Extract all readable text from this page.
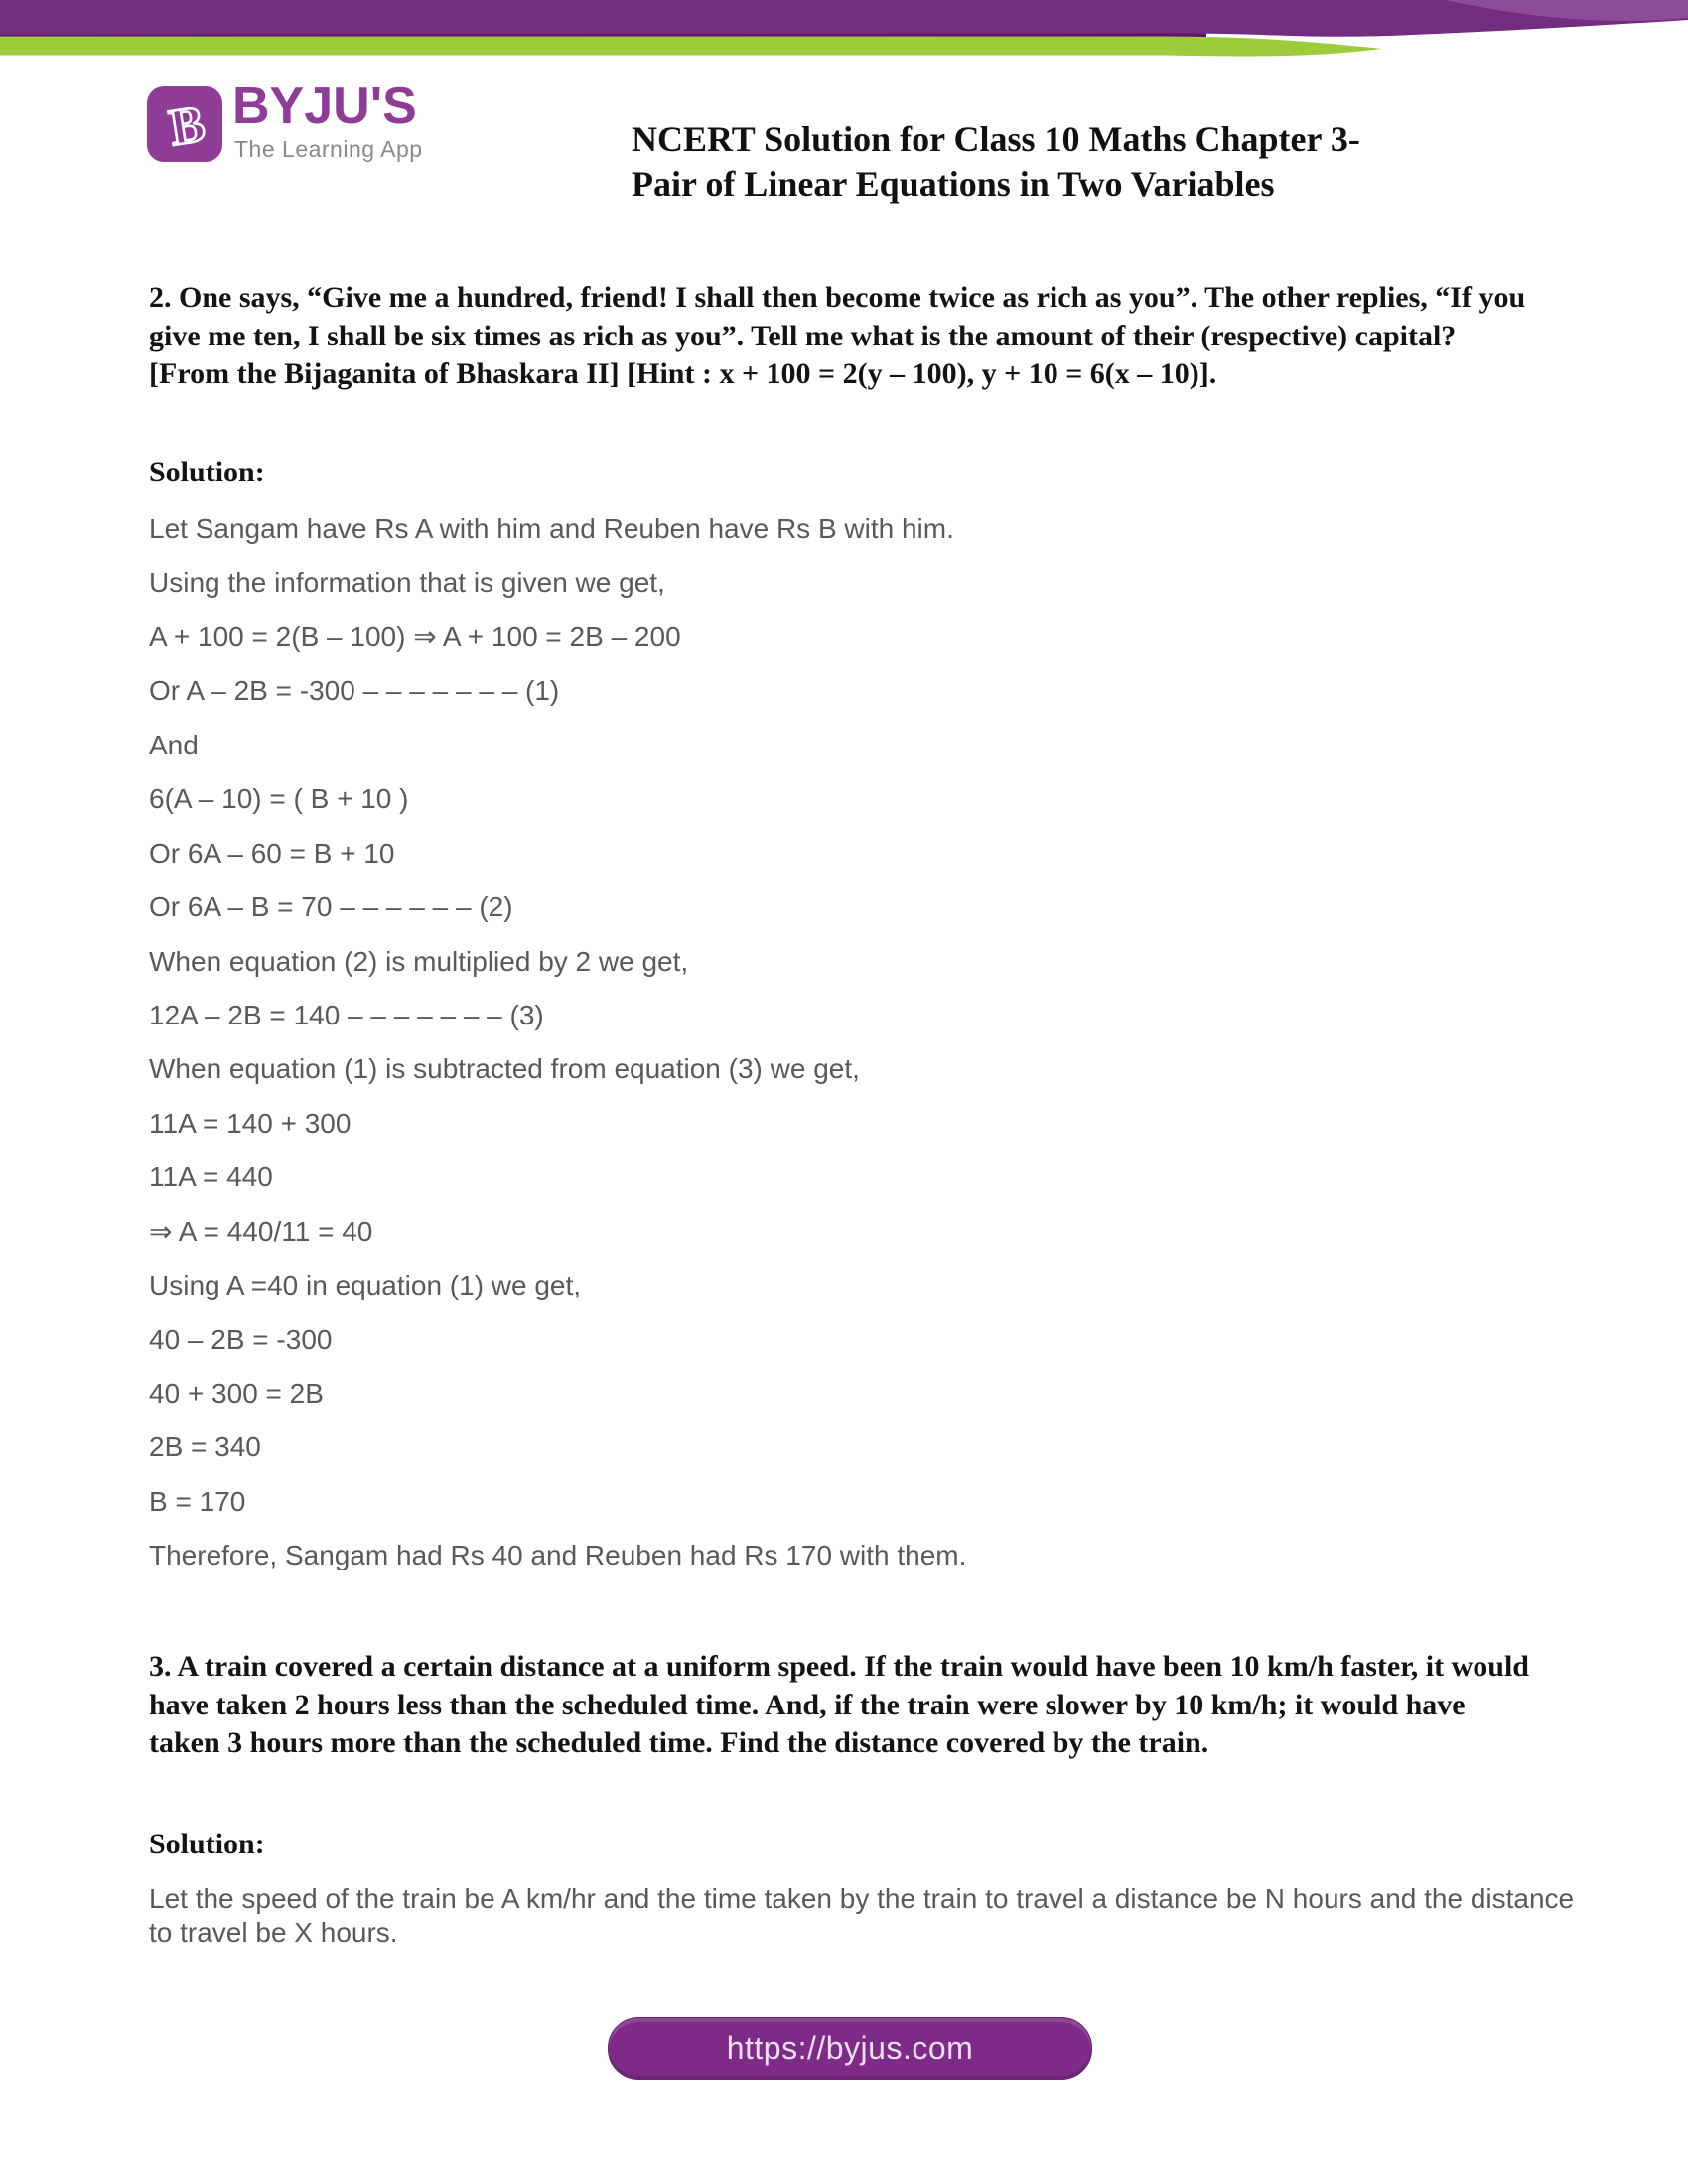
B BYJU'S
The Learning App	NCERT Solution for Class 10 Maths Chapter 3-
Pair of Linear Equations in Two Variables
2. One says, “Give me a hundred, friend! I shall then become twice as rich as you”. The other replies, “If you give me ten, I shall be six times as rich as you”. Tell me what is the amount of their (respective) capital? [From the Bijaganita of Bhaskara II] [Hint : x + 100 = 2(y – 100), y + 10 = 6(x – 10)].
Solution:
Let Sangam have Rs A with him and Reuben have Rs B with him.
Using the information that is given we get,
A + 100 = 2(B – 100) ⇒ A + 100 = 2B – 200
Or A – 2B = -300 – – – – – – – (1)
And
6(A – 10) = ( B + 10 )
Or 6A – 60 = B + 10
Or 6A – B = 70 – – – – – – (2)
When equation (2) is multiplied by 2 we get,
12A – 2B = 140 – – – – – – – (3)
When equation (1) is subtracted from equation (3) we get,
11A = 140 + 300
11A = 440
⇒ A = 440/11 = 40
Using A =40 in equation (1) we get,
40 – 2B = -300
40 + 300 = 2B
2B = 340
B = 170
Therefore, Sangam had Rs 40 and Reuben had Rs 170 with them.
3. A train covered a certain distance at a uniform speed. If the train would have been 10 km/h faster, it would have taken 2 hours less than the scheduled time. And, if the train were slower by 10 km/h; it would have taken 3 hours more than the scheduled time. Find the distance covered by the train.
Solution:
Let the speed of the train be A km/hr and the time taken by the train to travel a distance be N hours and the distance to travel be X hours.
https://byjus.com
